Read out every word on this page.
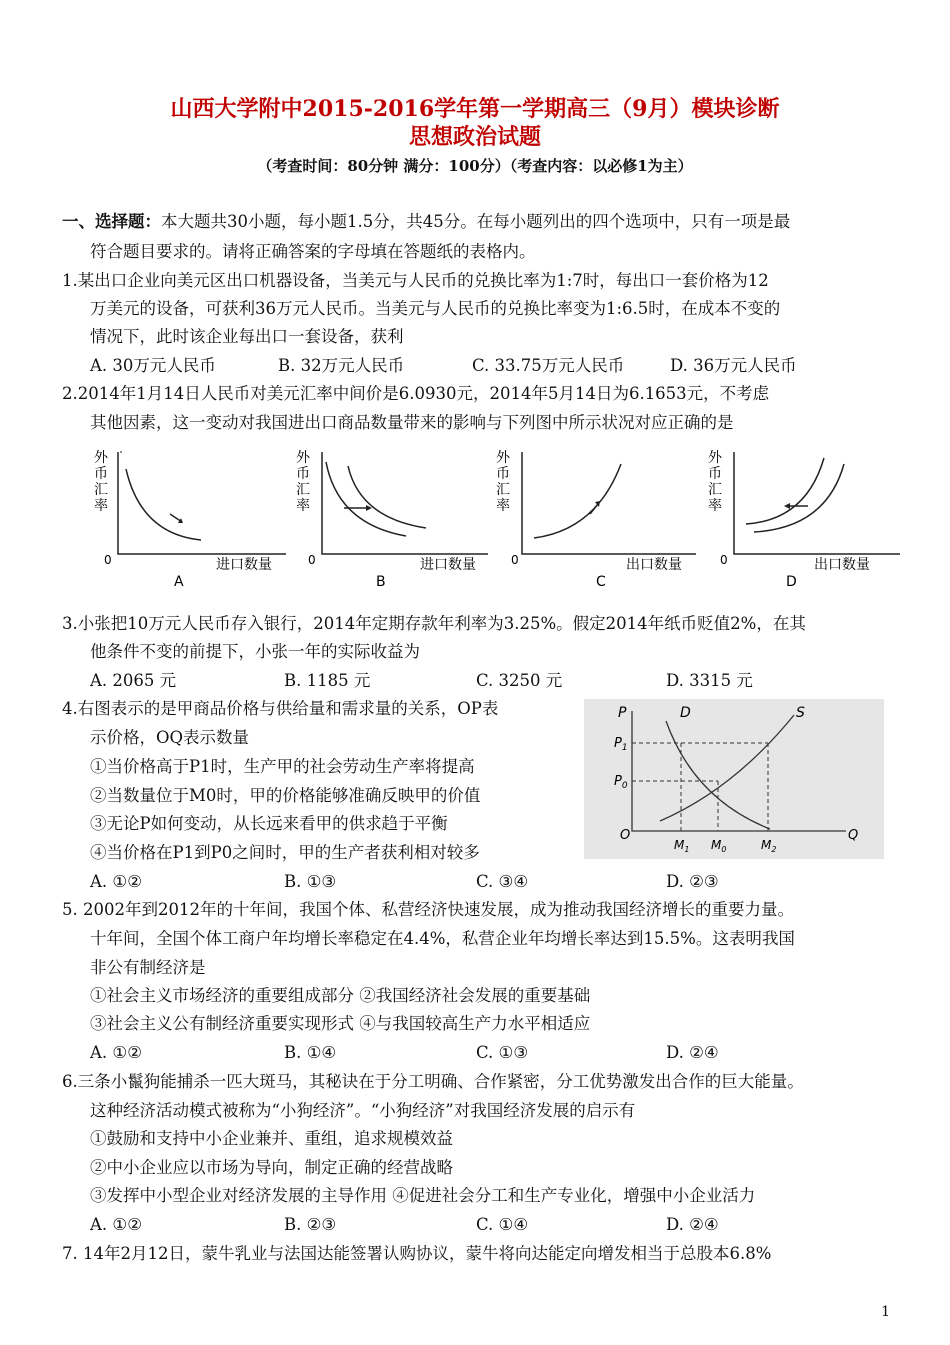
山西大学附中2015-2016学年第一学期高三（9月）模块诊断
思想政治试题
（考查时间：80分钟 满分：100分）（考查内容：以必修1为主）
一、选择题：本大题共30小题，每小题1.5分，共45分。在每小题列出的四个选项中，只有一项是最
符合题目要求的。请将正确答案的字母填在答题纸的表格内。
1.某出口企业向美元区出口机器设备，当美元与人民币的兑换比率为1:7时，每出口一套价格为12
万美元的设备，可获利36万元人民币。当美元与人民币的兑换比率变为1:6.5时，在成本不变的
情况下，此时该企业每出口一套设备，获利
A. 30万元人民币	B. 32万元人民币	C. 33.75万元人民币	D. 36万元人民币
2.2014年1月14日人民币对美元汇率中间价是6.0930元，2014年5月14日为6.1653元，不考虑
其他因素，这一变动对我国进出口商品数量带来的影响与下列图中所示状况对应正确的是
外
币
汇
率
0	进口数量
A
外
币
汇
率
0	进口数量
B
外
币
汇
率
0	出口数量
C
外
币
汇
率
0	出口数量
D
3.小张把10万元人民币存入银行，2014年定期存款年利率为3.25%。假定2014年纸币贬值2%，在其
他条件不变的前提下，小张一年的实际收益为
A. 2065 元	B. 1185 元	C. 3250 元	D. 3315 元
4.右图表示的是甲商品价格与供给量和需求量的关系，OP表
示价格，OQ表示数量
①当价格高于P1时，生产甲的社会劳动生产率将提高
②当数量位于M0时，甲的价格能够准确反映甲的价值
③无论P如何变动，从长远来看甲的供求趋于平衡
④当价格在P1到P0之间时，甲的生产者获利相对较多
A. ①②	B. ①③	C. ③④	D. ②③
P	D	S
$P_1$
$P_0$
O	Q
$M_1$ $M_0$	$M_2$
5. 2002年到2012年的十年间，我国个体、私营经济快速发展，成为推动我国经济增长的重要力量。
十年间，全国个体工商户年均增长率稳定在4.4%，私营企业年均增长率达到15.5%。这表明我国
非公有制经济是
①社会主义市场经济的重要组成部分 ②我国经济社会发展的重要基础
③社会主义公有制经济重要实现形式 ④与我国较高生产力水平相适应
A. ①②	B. ①④	C. ①③	D. ②④
6.三条小鬣狗能捕杀一匹大斑马，其秘诀在于分工明确、合作紧密，分工优势激发出合作的巨大能量。
这种经济活动模式被称为“小狗经济”。“小狗经济”对我国经济发展的启示有
①鼓励和支持中小企业兼并、重组，追求规模效益
②中小企业应以市场为导向，制定正确的经营战略
③发挥中小型企业对经济发展的主导作用 ④促进社会分工和生产专业化，增强中小企业活力
A. ①②	B. ②③	C. ①④	D. ②④
7. 14年2月12日，蒙牛乳业与法国达能签署认购协议，蒙牛将向达能定向增发相当于总股本6.8%
1
